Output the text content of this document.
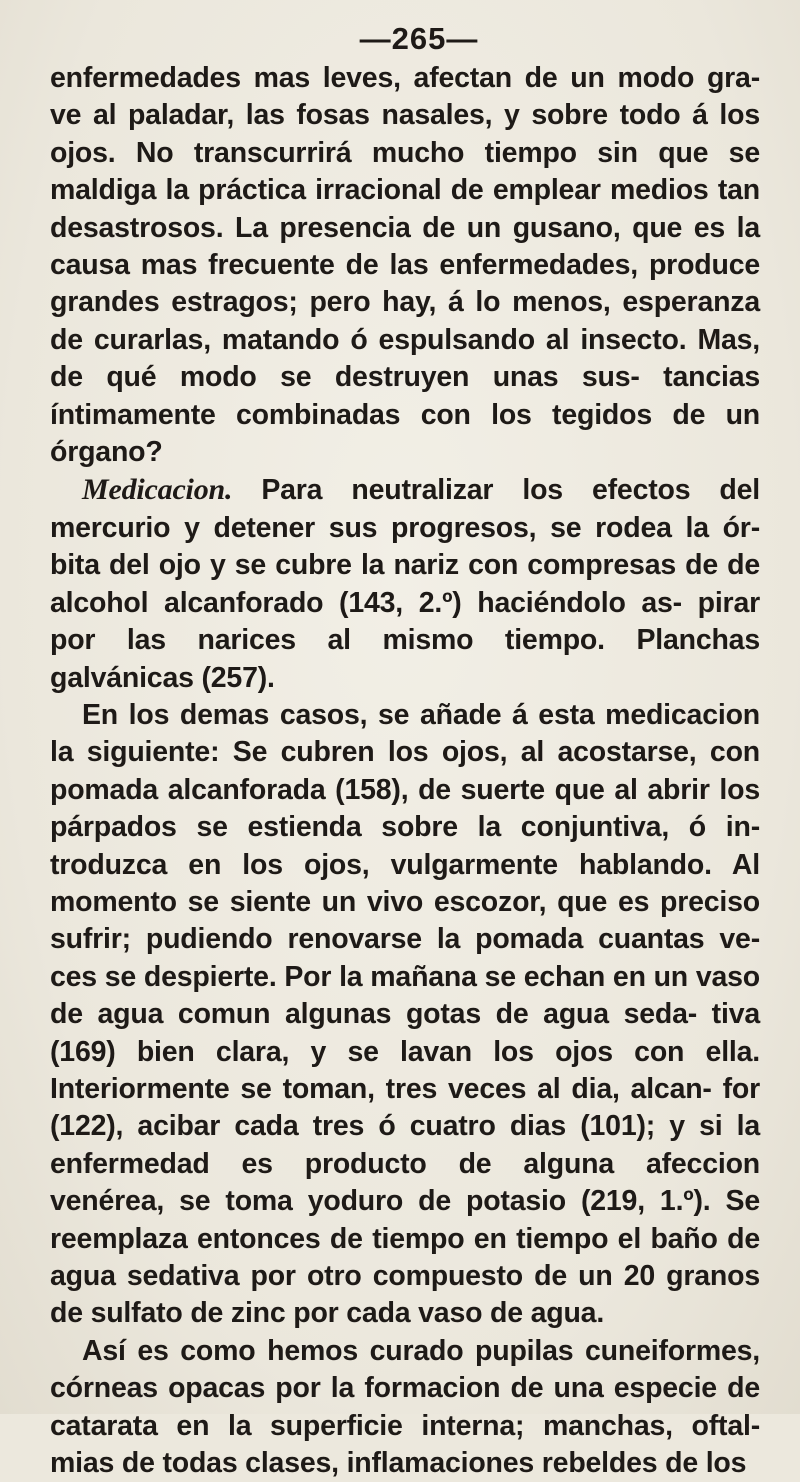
—265—

enfermedades mas leves, afectan de un modo gra- ve al paladar, las fosas nasales, y sobre todo á los ojos. No transcurrirá mucho tiempo sin que se maldiga la práctica irracional de emplear medios tan desastrosos. La presencia de un gusano, que es la causa mas frecuente de las enfermedades, produce grandes estragos; pero hay, á lo menos, esperanza de curarlas, matando ó espulsando al insecto. Mas, de qué modo se destruyen unas sus- tancias íntimamente combinadas con los tegidos de un órgano?

Medicacion. Para neutralizar los efectos del mercurio y detener sus progresos, se rodea la ór- bita del ojo y se cubre la nariz con compresas de de alcohol alcanforado (143, 2.º) haciéndolo as- pirar por las narices al mismo tiempo. Planchas galvánicas (257).

En los demas casos, se añade á esta medicacion la siguiente: Se cubren los ojos, al acostarse, con pomada alcanforada (158), de suerte que al abrir los párpados se estienda sobre la conjuntiva, ó in- troduzca en los ojos, vulgarmente hablando. Al momento se siente un vivo escozor, que es preciso sufrir; pudiendo renovarse la pomada cuantas ve- ces se despierte. Por la mañana se echan en un vaso de agua comun algunas gotas de agua seda- tiva (169) bien clara, y se lavan los ojos con ella. Interiormente se toman, tres veces al dia, alcan- for (122), acibar cada tres ó cuatro dias (101); y si la enfermedad es producto de alguna afeccion venérea, se toma yoduro de potasio (219, 1.º). Se reemplaza entonces de tiempo en tiempo el baño de agua sedativa por otro compuesto de un 20 granos de sulfato de zinc por cada vaso de agua.

Así es como hemos curado pupilas cuneiformes, córneas opacas por la formacion de una especie de catarata en la superficie interna; manchas, oftal- mias de todas clases, inflamaciones rebeldes de los
